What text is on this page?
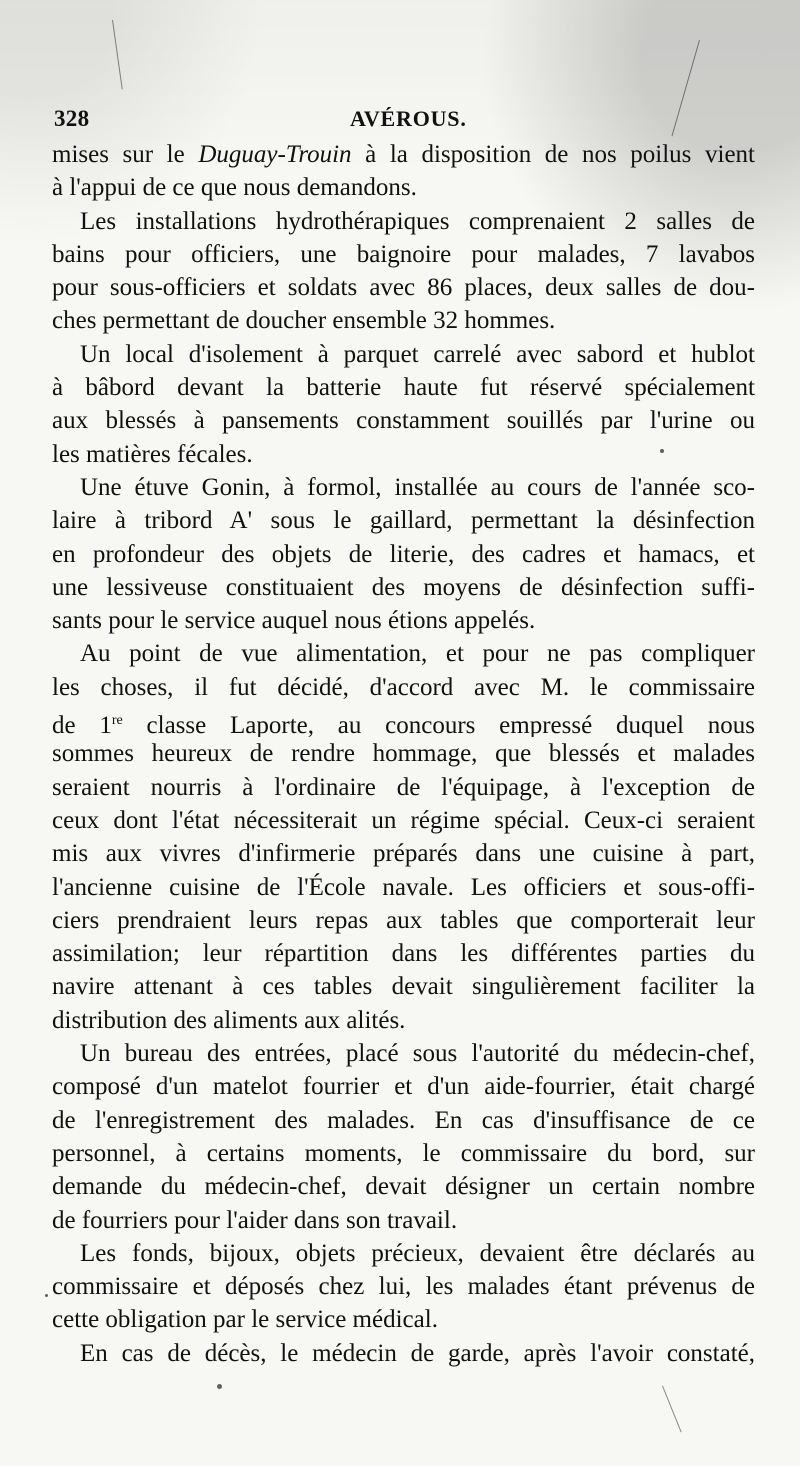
328	AVÉROUS.
mises sur le Duguay-Trouin à la disposition de nos poilus vient
à l'appui de ce que nous demandons.
Les installations hydrothérapiques comprenaient 2 salles de
bains pour officiers, une baignoire pour malades, 7 lavabos
pour sous-officiers et soldats avec 86 places, deux salles de dou-
ches permettant de doucher ensemble 32 hommes.
Un local d'isolement à parquet carrelé avec sabord et hublot
à bâbord devant la batterie haute fut réservé spécialement
aux blessés à pansements constamment souillés par l'urine ou
les matières fécales.
Une étuve Gonin, à formol, installée au cours de l'année sco-
laire à tribord A' sous le gaillard, permettant la désinfection
en profondeur des objets de literie, des cadres et hamacs, et
une lessiveuse constituaient des moyens de désinfection suffi-
sants pour le service auquel nous étions appelés.
Au point de vue alimentation, et pour ne pas compliquer
les choses, il fut décidé, d'accord avec M. le commissaire
de 1re classe Laporte, au concours empressé duquel nous
sommes heureux de rendre hommage, que blessés et malades
seraient nourris à l'ordinaire de l'équipage, à l'exception de
ceux dont l'état nécessiterait un régime spécial. Ceux-ci seraient
mis aux vivres d'infirmerie préparés dans une cuisine à part,
l'ancienne cuisine de l'École navale. Les officiers et sous-offi-
ciers prendraient leurs repas aux tables que comporterait leur
assimilation; leur répartition dans les différentes parties du
navire attenant à ces tables devait singulièrement faciliter la
distribution des aliments aux alités.
Un bureau des entrées, placé sous l'autorité du médecin-chef,
composé d'un matelot fourrier et d'un aide-fourrier, était chargé
de l'enregistrement des malades. En cas d'insuffisance de ce
personnel, à certains moments, le commissaire du bord, sur
demande du médecin-chef, devait désigner un certain nombre
de fourriers pour l'aider dans son travail.
Les fonds, bijoux, objets précieux, devaient être déclarés au
commissaire et déposés chez lui, les malades étant prévenus de
cette obligation par le service médical.
En cas de décès, le médecin de garde, après l'avoir constaté,
